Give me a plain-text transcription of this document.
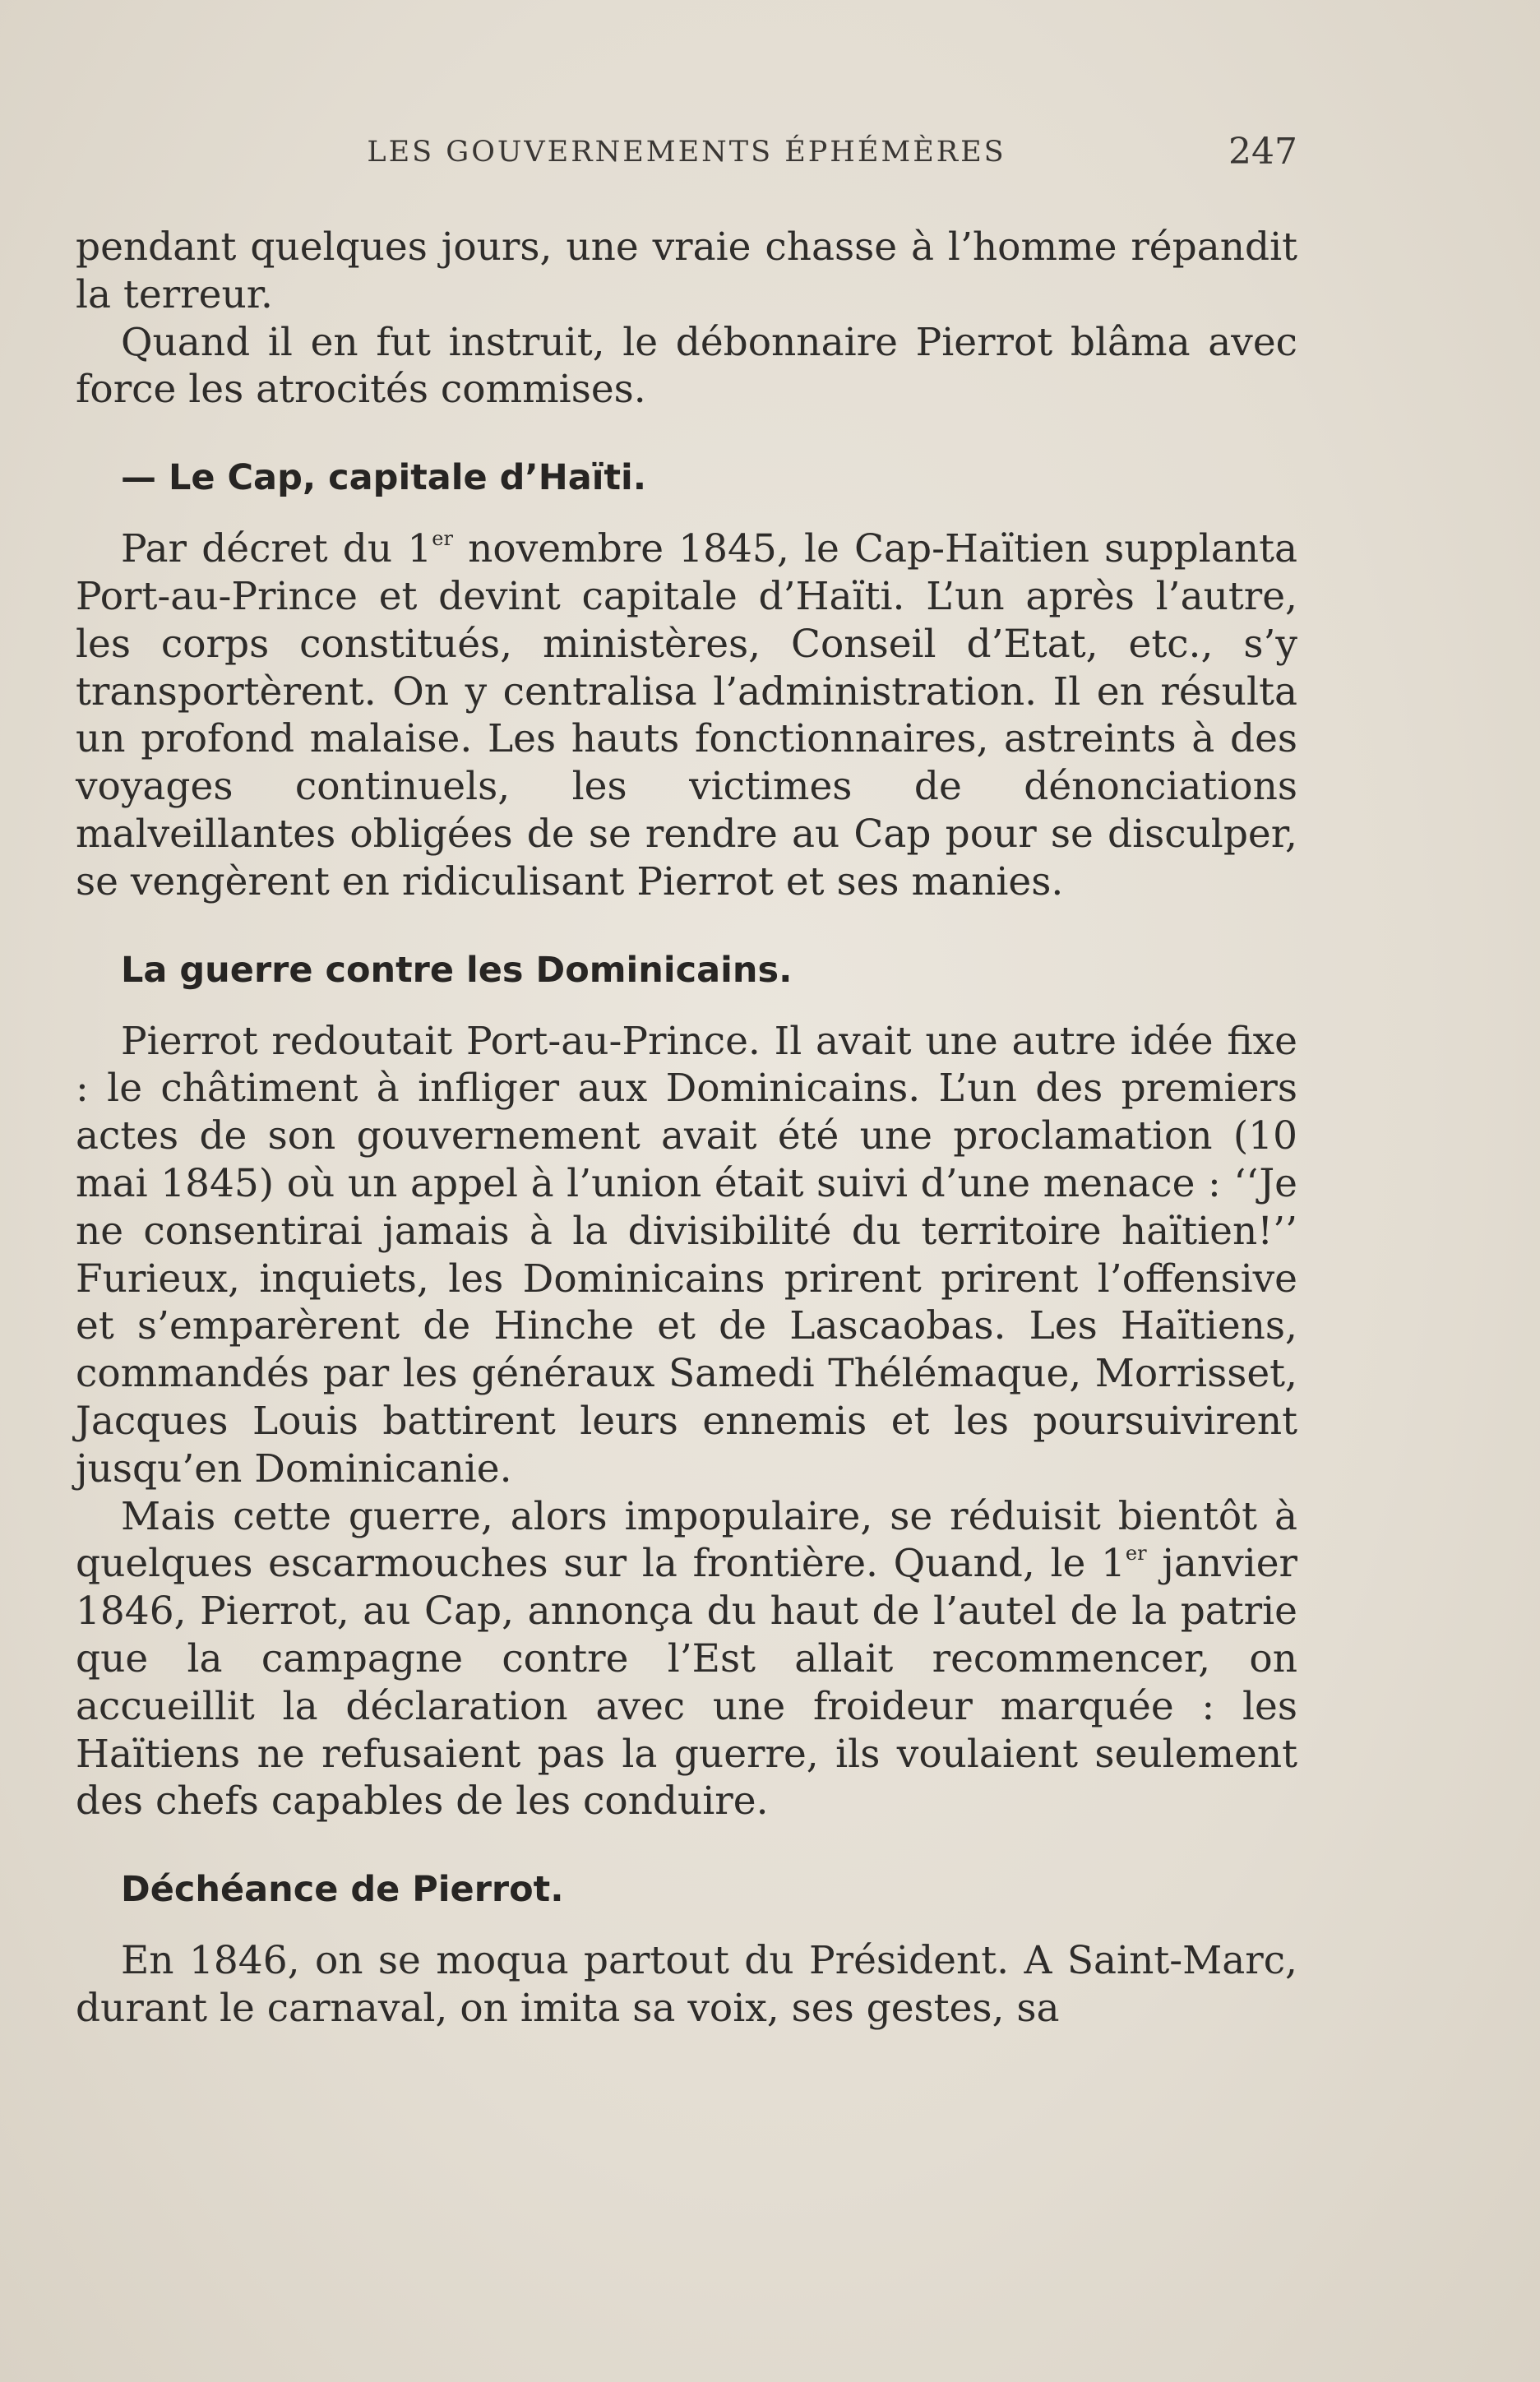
LES GOUVERNEMENTS ÉPHÉMÈRES	247

pendant quelques jours, une vraie chasse à l’homme répandit la terreur.

Quand il en fut instruit, le débonnaire Pierrot blâma avec force les atrocités commises.

— Le Cap, capitale d’Haïti.

Par décret du 1er novembre 1845, le Cap-Haïtien supplanta Port-au-Prince et devint capitale d’Haïti. L’un après l’autre, les corps constitués, ministères, Conseil d’Etat, etc., s’y transportèrent. On y centralisa l’administration. Il en résulta un profond malaise. Les hauts fonctionnaires, astreints à des voyages continuels, les victimes de dénonciations malveillantes obligées de se rendre au Cap pour se disculper, se vengèrent en ridiculisant Pierrot et ses manies.

La guerre contre les Dominicains.

Pierrot redoutait Port-au-Prince. Il avait une autre idée fixe : le châtiment à infliger aux Dominicains. L’un des premiers actes de son gouvernement avait été une proclamation (10 mai 1845) où un appel à l’union était suivi d’une menace : ‘‘Je ne consentirai jamais à la divisibilité du territoire haïtien!’’ Furieux, inquiets, les Dominicains prirent prirent l’offensive et s’emparèrent de Hinche et de Lascaobas. Les Haïtiens, commandés par les généraux Samedi Thélémaque, Morrisset, Jacques Louis battirent leurs ennemis et les poursuivirent jusqu’en Dominicanie.

Mais cette guerre, alors impopulaire, se réduisit bientôt à quelques escarmouches sur la frontière. Quand, le 1er janvier 1846, Pierrot, au Cap, annonça du haut de l’autel de la patrie que la campagne contre l’Est allait recommencer, on accueillit la déclaration avec une froideur marquée : les Haïtiens ne refusaient pas la guerre, ils voulaient seulement des chefs capables de les conduire.

Déchéance de Pierrot.

En 1846, on se moqua partout du Président. A Saint-Marc, durant le carnaval, on imita sa voix, ses gestes, sa
